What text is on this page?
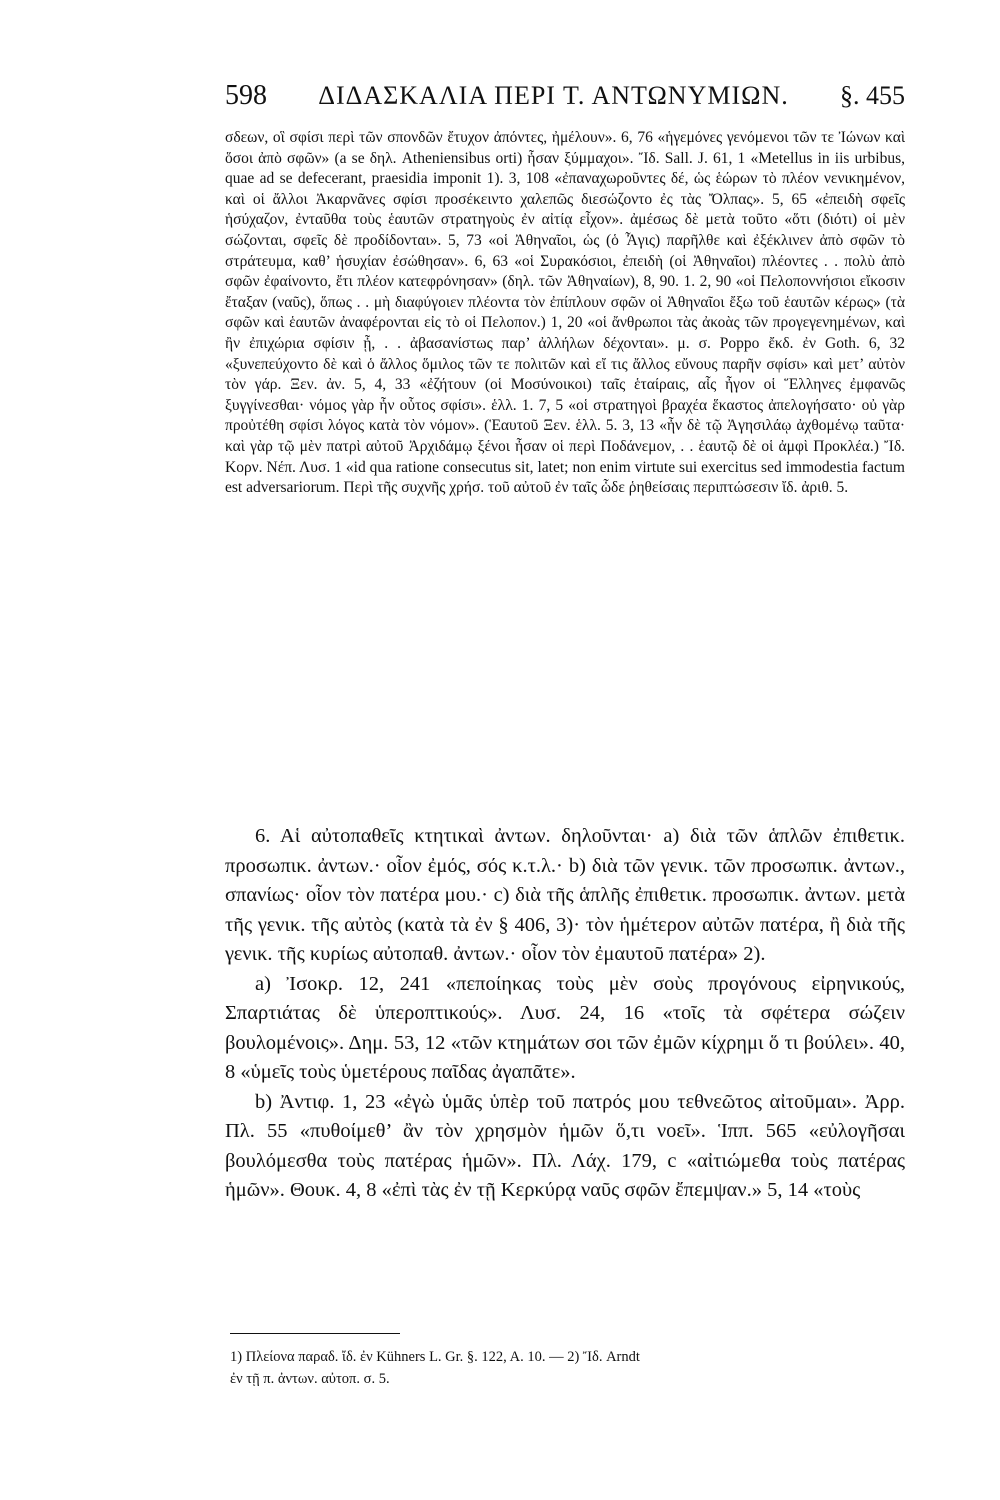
598 ΔΙΔΑΣΚΑΛΙΑ ΠΕΡΙ Τ. ΑΝΤΩΝΥΜΙΩΝ. §. 455

σδεων, οἳ σφίσι περὶ τῶν σπονδῶν ἔτυχον ἀπόντες, ἠμέλουν». 6, 76 «ἡγεμόνες γενόμενοι τῶν τε Ἰώνων καὶ ὅσοι ἀπὸ σφῶν» (a se δηλ. Atheniensibus orti) ἦσαν ξύμμαχοι». Ἴδ. Sall. J. 61, 1 «Metellus in iis urbibus, quae ad se defecerant, praesidia imponit 1). 3, 108 «ἐπαναχωροῦντες δέ, ὡς ἑώρων τὸ πλέον νενικημένον, καὶ οἱ ἄλλοι Ἀκαρνᾶνες σφίσι προσέκειντο χαλεπῶς διεσώζοντο ἐς τὰς Ὄλπας». 5, 65 «ἐπειδὴ σφεῖς ἡσύχαζον, ἐνταῦθα τοὺς ἑαυτῶν στρατηγοὺς ἐν αἰτίᾳ εἶχον». ἀμέσως δὲ μετὰ τοῦτο «ὅτι (διότι) οἱ μὲν σώζονται, σφεῖς δὲ προδίδονται». 5, 73 «οἱ Ἀθηναῖοι, ὡς (ὁ Ἆγις) παρῆλθε καὶ ἐξέκλινεν ἀπὸ σφῶν τὸ στράτευμα, καθ’ ἡσυχίαν ἐσώθησαν». 6, 63 «οἱ Συρακόσιοι, ἐπειδὴ (οἱ Ἀθηναῖοι) πλέοντες . . πολὺ ἀπὸ σφῶν ἐφαίνοντο, ἔτι πλέον κατεφρόνησαν» (δηλ. τῶν Ἀθηναίων), 8, 90. 1. 2, 90 «οἱ Πελοποννήσιοι εἴκοσιν ἔταξαν (ναῦς), ὅπως . . μὴ διαφύγοιεν πλέοντα τὸν ἐπίπλουν σφῶν οἱ Ἀθηναῖοι ἔξω τοῦ ἑαυτῶν κέρως» (τὰ σφῶν καὶ ἑαυτῶν ἀναφέρονται εἰς τὸ οἱ Πελοπον.) 1, 20 «οἱ ἄνθρωποι τὰς ἀκοὰς τῶν προγεγενημένων, καὶ ἢν ἐπιχώρια σφίσιν ᾖ, . . ἀβασανίστως παρ’ ἀλλήλων δέχονται». μ. σ. Poppo ἔκδ. ἐν Goth. 6, 32 «ξυνεπεύχοντο δὲ καὶ ὁ ἄλλος ὅμιλος τῶν τε πολιτῶν καὶ εἴ τις ἄλλος εὔνους παρῆν σφίσι» καὶ μετ’ αὐτὸν τὸν γάρ. Ξεν. ἀν. 5, 4, 33 «ἐζήτουν (οἱ Μοσύνοικοι) ταῖς ἑταίραις, αἷς ἦγον οἱ Ἕλληνες ἐμφανῶς ξυγγίνεσθαι· νόμος γὰρ ἦν οὗτος σφίσι». ἑλλ. 1. 7, 5 «οἱ στρατηγοὶ βραχέα ἕκαστος ἀπελογήσατο· οὐ γὰρ προὐτέθη σφίσι λόγος κατὰ τὸν νόμον». (Ἑαυτοῦ Ξεν. ἑλλ. 5. 3, 13 «ἦν δὲ τῷ Ἀγησιλάῳ ἀχθομένῳ ταῦτα· καὶ γὰρ τῷ μὲν πατρὶ αὐτοῦ Ἀρχιδάμῳ ξένοι ἦσαν οἱ περὶ Ποδάνεμον, . . ἑαυτῷ δὲ οἱ ἀμφὶ Προκλέα.) Ἴδ. Κορν. Νέπ. Λυσ. 1 «id qua ratione consecutus sit, latet; non enim virtute sui exercitus sed immodestia factum est adversariorum. Περὶ τῆς συχνῆς χρήσ. τοῦ αὐτοῦ ἐν ταῖς ὧδε ῥηθείσαις περιπτώσεσιν ἴδ. ἀριθ. 5.

6. Αἱ αὐτοπαθεῖς κτητικαὶ ἀντων. δηλοῦνται· a) διὰ τῶν ἁπλῶν ἐπιθετικ. προσωπικ. ἀντων.· οἷον ἐμός, σός κ.τ.λ.· b) διὰ τῶν γενικ. τῶν προσωπικ. ἀντων., σπανίως· οἷον τὸν πατέρα μου.· c) διὰ τῆς ἁπλῆς ἐπιθετικ. προσωπικ. ἀντων. μετὰ τῆς γενικ. τῆς αὐτὸς (κατὰ τὰ ἐν § 406, 3)· τὸν ἡμέτερον αὐτῶν πατέρα, ἢ διὰ τῆς γενικ. τῆς κυρίως αὐτοπαθ. ἀντων.· οἷον τὸν ἐμαυτοῦ πατέρα» 2).

a) Ἰσοκρ. 12, 241 «πεποίηκας τοὺς μὲν σοὺς προγόνους εἰρηνικούς, Σπαρτιάτας δὲ ὑπεροπτικούς». Λυσ. 24, 16 «τοῖς τὰ σφέτερα σώζειν βουλομένοις». Δημ. 53, 12 «τῶν κτημάτων σοι τῶν ἐμῶν κίχρημι ὅ τι βούλει». 40, 8 «ὑμεῖς τοὺς ὑμετέρους παῖδας ἀγαπᾶτε».

b) Ἀντιφ. 1, 23 «ἐγὼ ὑμᾶς ὑπὲρ τοῦ πατρός μου τεθνεῶτος αἰτοῦμαι». Ἀρρ. Πλ. 55 «πυθοίμεθ’ ἂν τὸν χρησμὸν ἡμῶν ὅ,τι νοεῖ». Ἱππ. 565 «εὐλογῆσαι βουλόμεσθα τοὺς πατέρας ἡμῶν». Πλ. Λάχ. 179, c «αἰτιώμεθα τοὺς πατέρας ἡμῶν». Θουκ. 4, 8 «ἐπὶ τὰς ἐν τῇ Κερκύρᾳ ναῦς σφῶν ἔπεμψαν.» 5, 14 «τοὺς

1) Πλείονα παραδ. ἴδ. ἐν Kühners L. Gr. §. 122, A. 10. — 2) Ἴδ. Arndt

ἐν τῇ π. ἀντων. αὐτοπ. σ. 5.
